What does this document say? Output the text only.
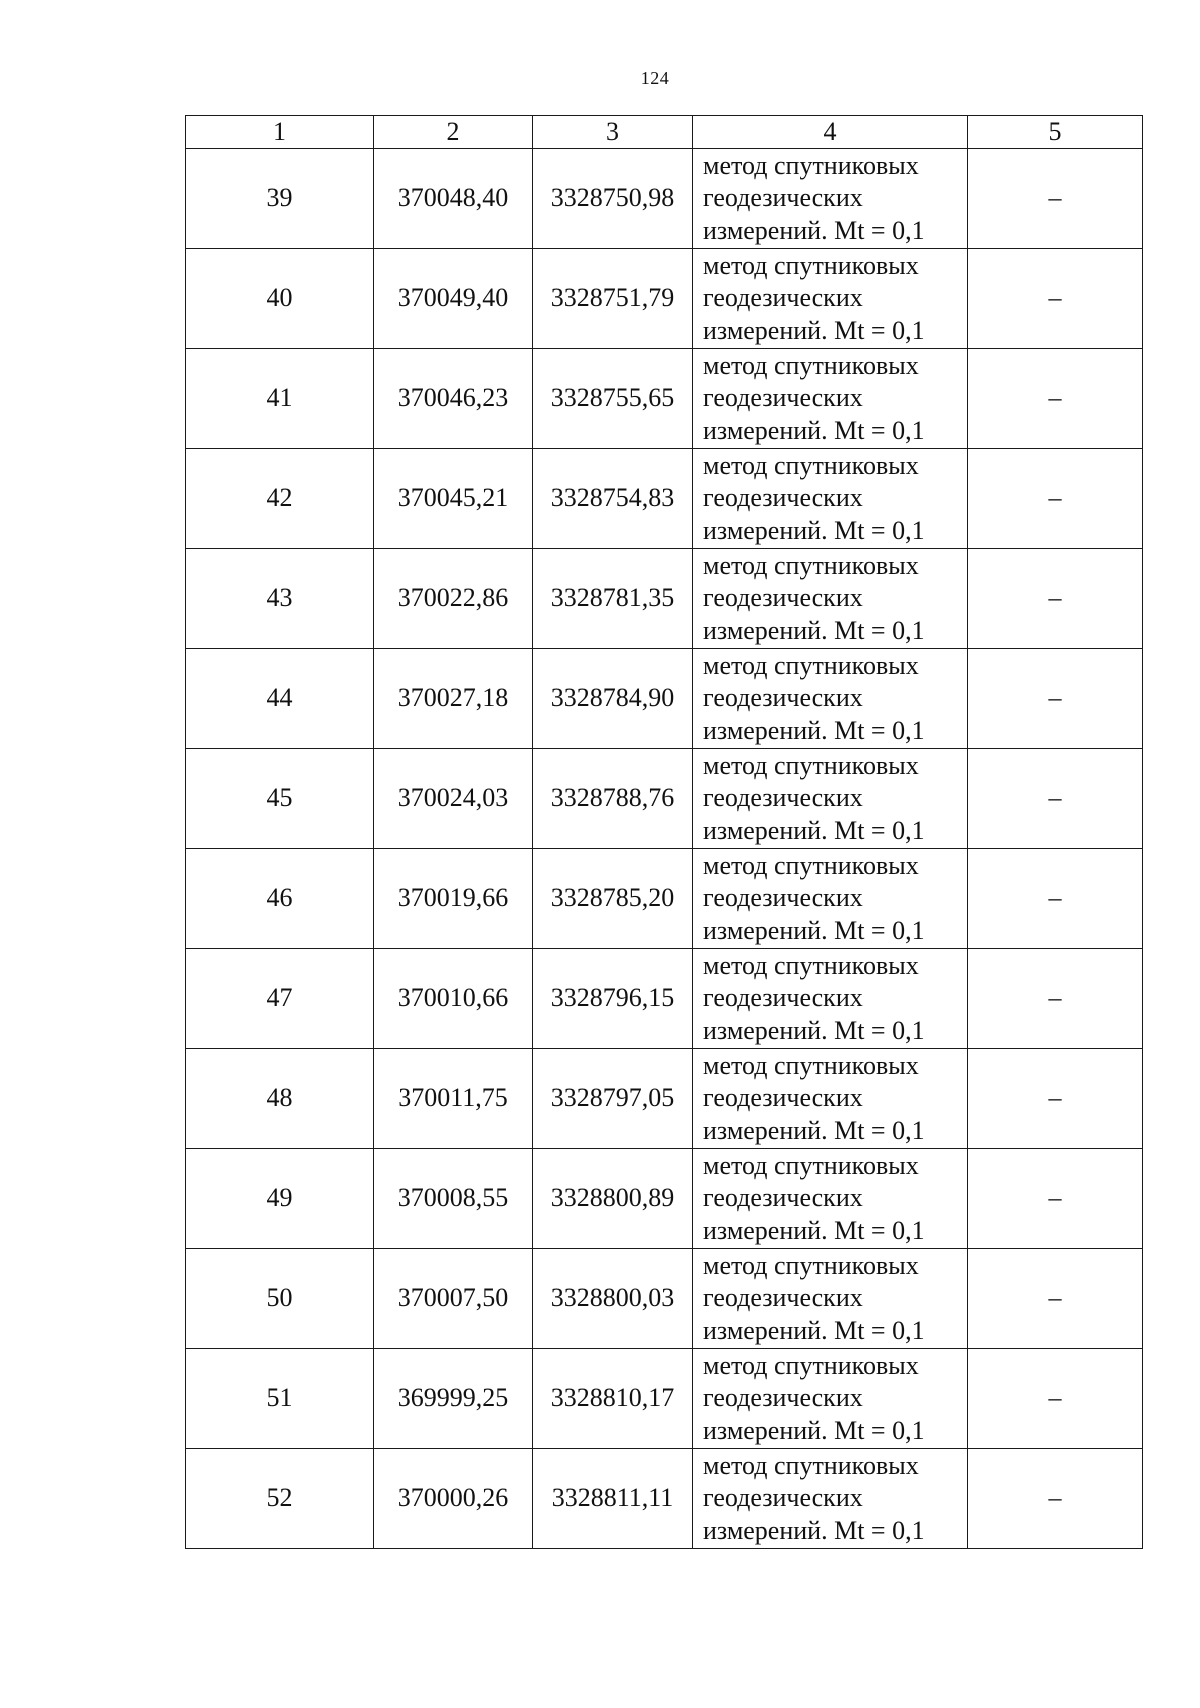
124
1	2	3	4	5
39	370048,40	3328750,98	метод спутниковых
геодезических
измерений. Mt = 0,1	–
40	370049,40	3328751,79	метод спутниковых
геодезических
измерений. Mt = 0,1	–
41	370046,23	3328755,65	метод спутниковых
геодезических
измерений. Mt = 0,1	–
42	370045,21	3328754,83	метод спутниковых
геодезических
измерений. Mt = 0,1	–
43	370022,86	3328781,35	метод спутниковых
геодезических
измерений. Mt = 0,1	–
44	370027,18	3328784,90	метод спутниковых
геодезических
измерений. Mt = 0,1	–
45	370024,03	3328788,76	метод спутниковых
геодезических
измерений. Mt = 0,1	–
46	370019,66	3328785,20	метод спутниковых
геодезических
измерений. Mt = 0,1	–
47	370010,66	3328796,15	метод спутниковых
геодезических
измерений. Mt = 0,1	–
48	370011,75	3328797,05	метод спутниковых
геодезических
измерений. Mt = 0,1	–
49	370008,55	3328800,89	метод спутниковых
геодезических
измерений. Mt = 0,1	–
50	370007,50	3328800,03	метод спутниковых
геодезических
измерений. Mt = 0,1	–
51	369999,25	3328810,17	метод спутниковых
геодезических
измерений. Mt = 0,1	–
52	370000,26	3328811,11	метод спутниковых
геодезических
измерений. Mt = 0,1	–
